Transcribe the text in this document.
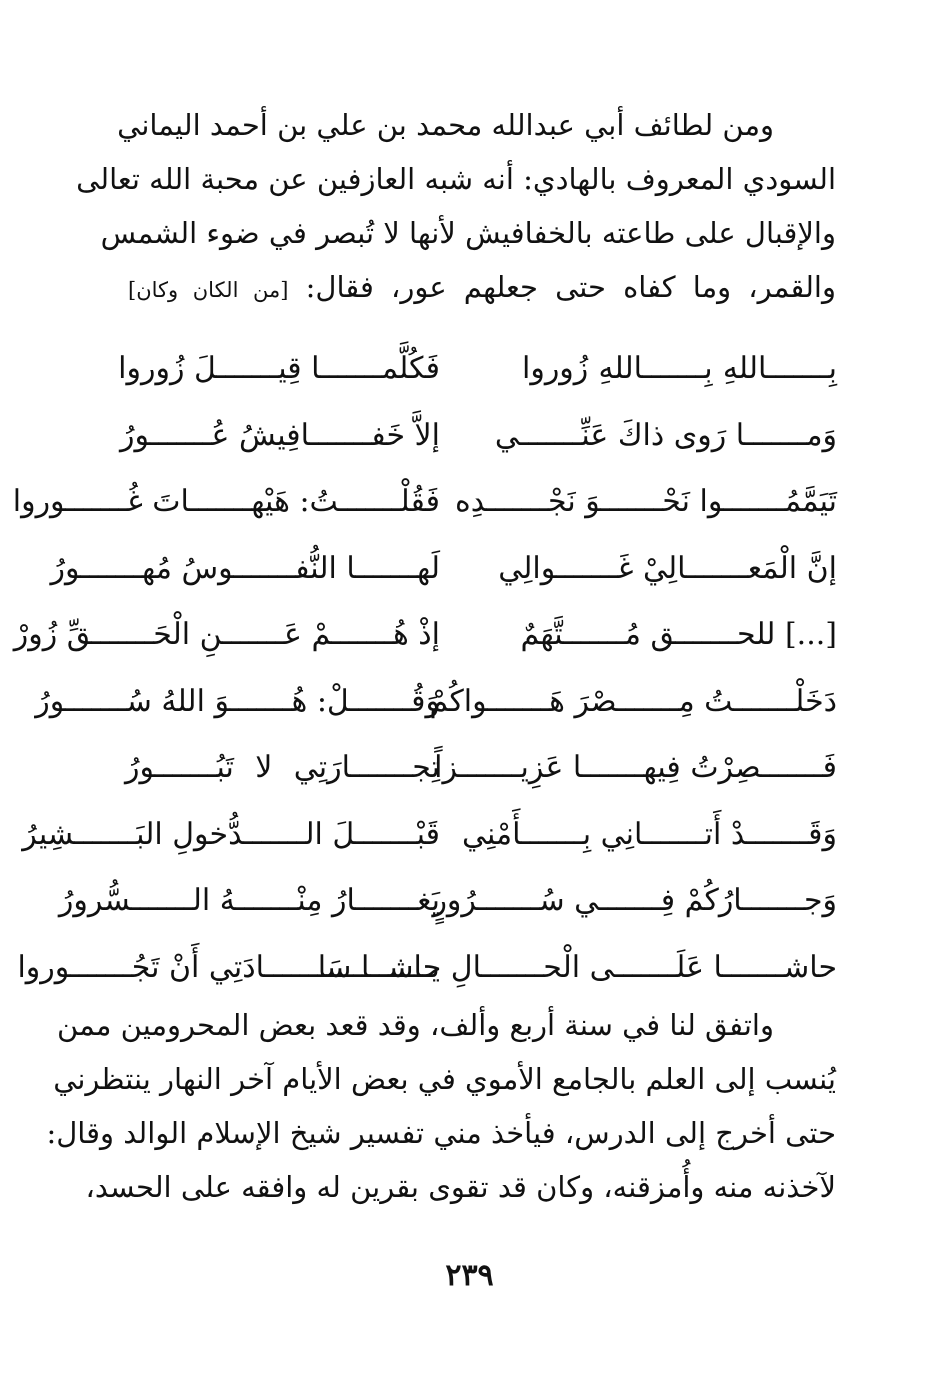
ومن لطائف أبي عبدالله محمد بن علي بن أحمد اليماني
السودي المعروف بالهادي: أنه شبه العازفين عن محبة الله تعالى
والإقبال على طاعته بالخفافيش لأنها لا تُبصر في ضوء الشمس
والقمر، وما كفاه حتى جعلهم عور، فقال: [من الكان وكان]
بِـــــــاللهِ بِـــــــاللهِ زُوروا
فَكُلَّمـــــــا قِيـــــــلَ زُوروا
وَمـــــــا رَوى ذاكَ عَنِّـــــــي
إلاَّ خَفـــــــافِيشُ عُـــــــورُ
تَيَمَّمُـــــــوا نَحْـــــــوَ نَجْـــــــدِه
فَقُلْـــــــتُ: هَيْهـــــــاتَ غُـــــــوروا
إنَّ الْمَعـــــــالِيْ غَـــــــوالِي
لَهـــــــا النُّفـــــــوسُ مُهـــــــورُ
[...] للحـــــــق مُـــــــتَّهَمٌ
إذْ هُـــــــمْ عَـــــــنِ الْحَـــــــقِّ زُورْ
دَخَلْـــــــتُ مِـــــــصْرَ هَـــــــواكُمْ
وَقُـــــــلْ: هُـــــــوَ اللهُ سُـــــــورُ
فَـــــــصِرْتُ فِيهـــــــا عَزِيـــــــزاً
تِجـــــــارَتِي لا تَبُـــــــورُ
وَقَـــــــدْ أَتـــــــانِي بِـــــــأَمْنِي
قَبْـــــــلَ الـــــــدُّخولِ البَـــــــشِيرُ
وَجـــــــارُكُمْ فِـــــــي سُـــــــرُورٍ
يَغـــــــارُ مِنْـــــــهُ الـــــــسُّرورُ
حاشـــــــا عَلَـــــــى الْحـــــــالِ حاشـــــــا
يـــــــا سَـــــــادَتِي أَنْ تَجُـــــــوروا
واتفق لنا في سنة أربع وألف، وقد قعد بعض المحرومين ممن
يُنسب إلى العلم بالجامع الأموي في بعض الأيام آخر النهار ينتظرني
حتى أخرج إلى الدرس، فيأخذ مني تفسير شيخ الإسلام الوالد وقال:
لآخذنه منه وأُمزقنه، وكان قد تقوى بقرين له وافقه على الحسد،
٢٣٩
